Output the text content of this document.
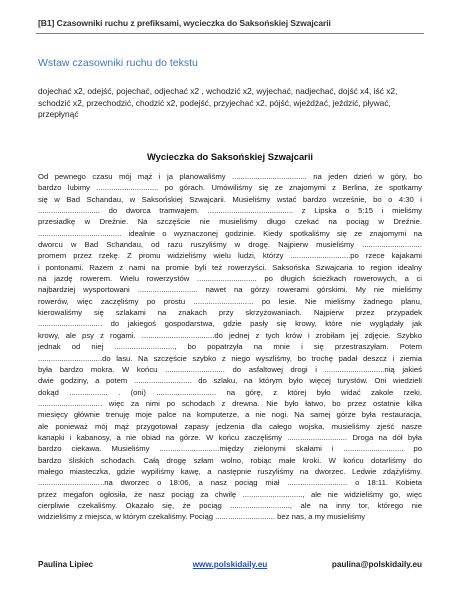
[B1] Czasowniki ruchu z prefiksami, wycieczka do Saksońskiej Szwajcarii
Wstaw czasowniki ruchu do tekstu
dojechać x2, odejść, pojechać, odjechać x2 , wchodzić x2, wyjechać, nadjechać, dojść x4, iść x2, schodzić x2, przechodzić, chodzić x2, podejść, przyjechać x2, pójść, wjeżdżać, jeździć, pływać, przepłynąć
Wycieczka do Saksońskiej Szwajcarii

Od pewnego czasu mój mąż i ja planowaliśmy ................................... na jeden dzień w góry, bo

bardzo lubimy ............................. po górach. Umówiliśmy się ze znajomymi z Berlina, że spotkamy

się w Bad Schandau, w Saksońskiej Szwajcarii. Musieliśmy wstać bardzo wcześnie, bo o 4:30 i

............................. do dworca tramwajem. ........................................ z Lipska o 5:15 i mieliśmy

przesiadkę w Dreźnie. Na szczęście nie musieliśmy długo czekać na pociąg w Dreźnie.

....................................... idealnie o wyznaczonej godzinie. Kiedy spotkaliśmy się ze znajomymi na

dworcu w Bad Schandau, od razu ruszyliśmy w drogę. Najpierw musieliśmy ............................

promem przez rzekę. Z promu widzieliśmy wielu ludzi, którzy ............................po rzece kajakami

i pontonami. Razem z nami na promie byli też rowerzyści. Saksońska Szwajcaria to region idealny

na jazdę rowerem. Wielu rowerzystów ............................ po długich ścieżkach rowerowych, a ci

najbardziej wysportowani ............................ nawet na górzy rowerami górskimi. My nie mieliśmy

rowerów, więc zaczęliśmy po prostu ............................ po lesie. Nie mieliśmy żadnego planu,

kierowaliśmy się szlakami na znakach przy skrzyżowaniach. Najpierw przez przypadek

.............................. do jakiegoś gospodarstwa, gdzie pasły się krowy, które nie wyglądały jak

krowy, ale psy z rogami. ..................................do jednej z tych krów i zrobiłam jej zdjęcie. Szybko

jednak od niej ............................, bo popatrzyła na mnie i się przestraszyłam. Potem

..............................do lasu. Na szczęście szybko z niego wyszliśmy, bo trochę padał deszcz i ziemia

była bardzo mokra. W końcu ............................ do asfaltowej drogi i ............................nią jakieś

dwie godziny, a potem ........................... do szlaku, na którym było więcej turystów. Oni wiedzieli

dokąd .................. . (oni) ............................ na górę, z której było widać zakole rzeki.

.............................. więc za nimi po schodach z drewna. Nie było łatwo, bo przez ostatnie kilka

miesięcy głównie trenuję moje palce na komputerze, a nie nogi. Na samej górze była restauracja,

ale ponieważ mój mąż przygotował zapasy jedzenia dla całego wojska, musieliśmy zjeść nasze

kanapki i kabanosy, a nie obiad na górze. W końcu zaczęliśmy ............................ Droga na dół była

bardzo ciekawa. Musieliśmy ............................między zielonymi skałami i ............................ po

bardzo śliskich schodach. Całą drogę szłam wolno, robiąc małe kroki. W końcu dotarliśmy do

małego miasteczka, gdzie wypiliśmy kawę, a następnie ruszyliśmy na dworzec. Ledwie zdążyliśmy.

...............................na dworzec o 18:06, a nasz pociąg miał ............................ o 18:11. Kobieta

przez megafon ogłosiła, że nasz pociąg za chwilę ............................, ale nie widzieliśmy go, więc

cierpliwie czekaliśmy. Okazało się, że pociąg ............................, ale na inny tor, którego nie

widzieliśmy z miejsca, w którym czekaliśmy. Pociąg ............................ bez nas, a my musieliśmy

Paulina Lipiec	www.polskidaily.eu	paulina@polskidaily.eu
